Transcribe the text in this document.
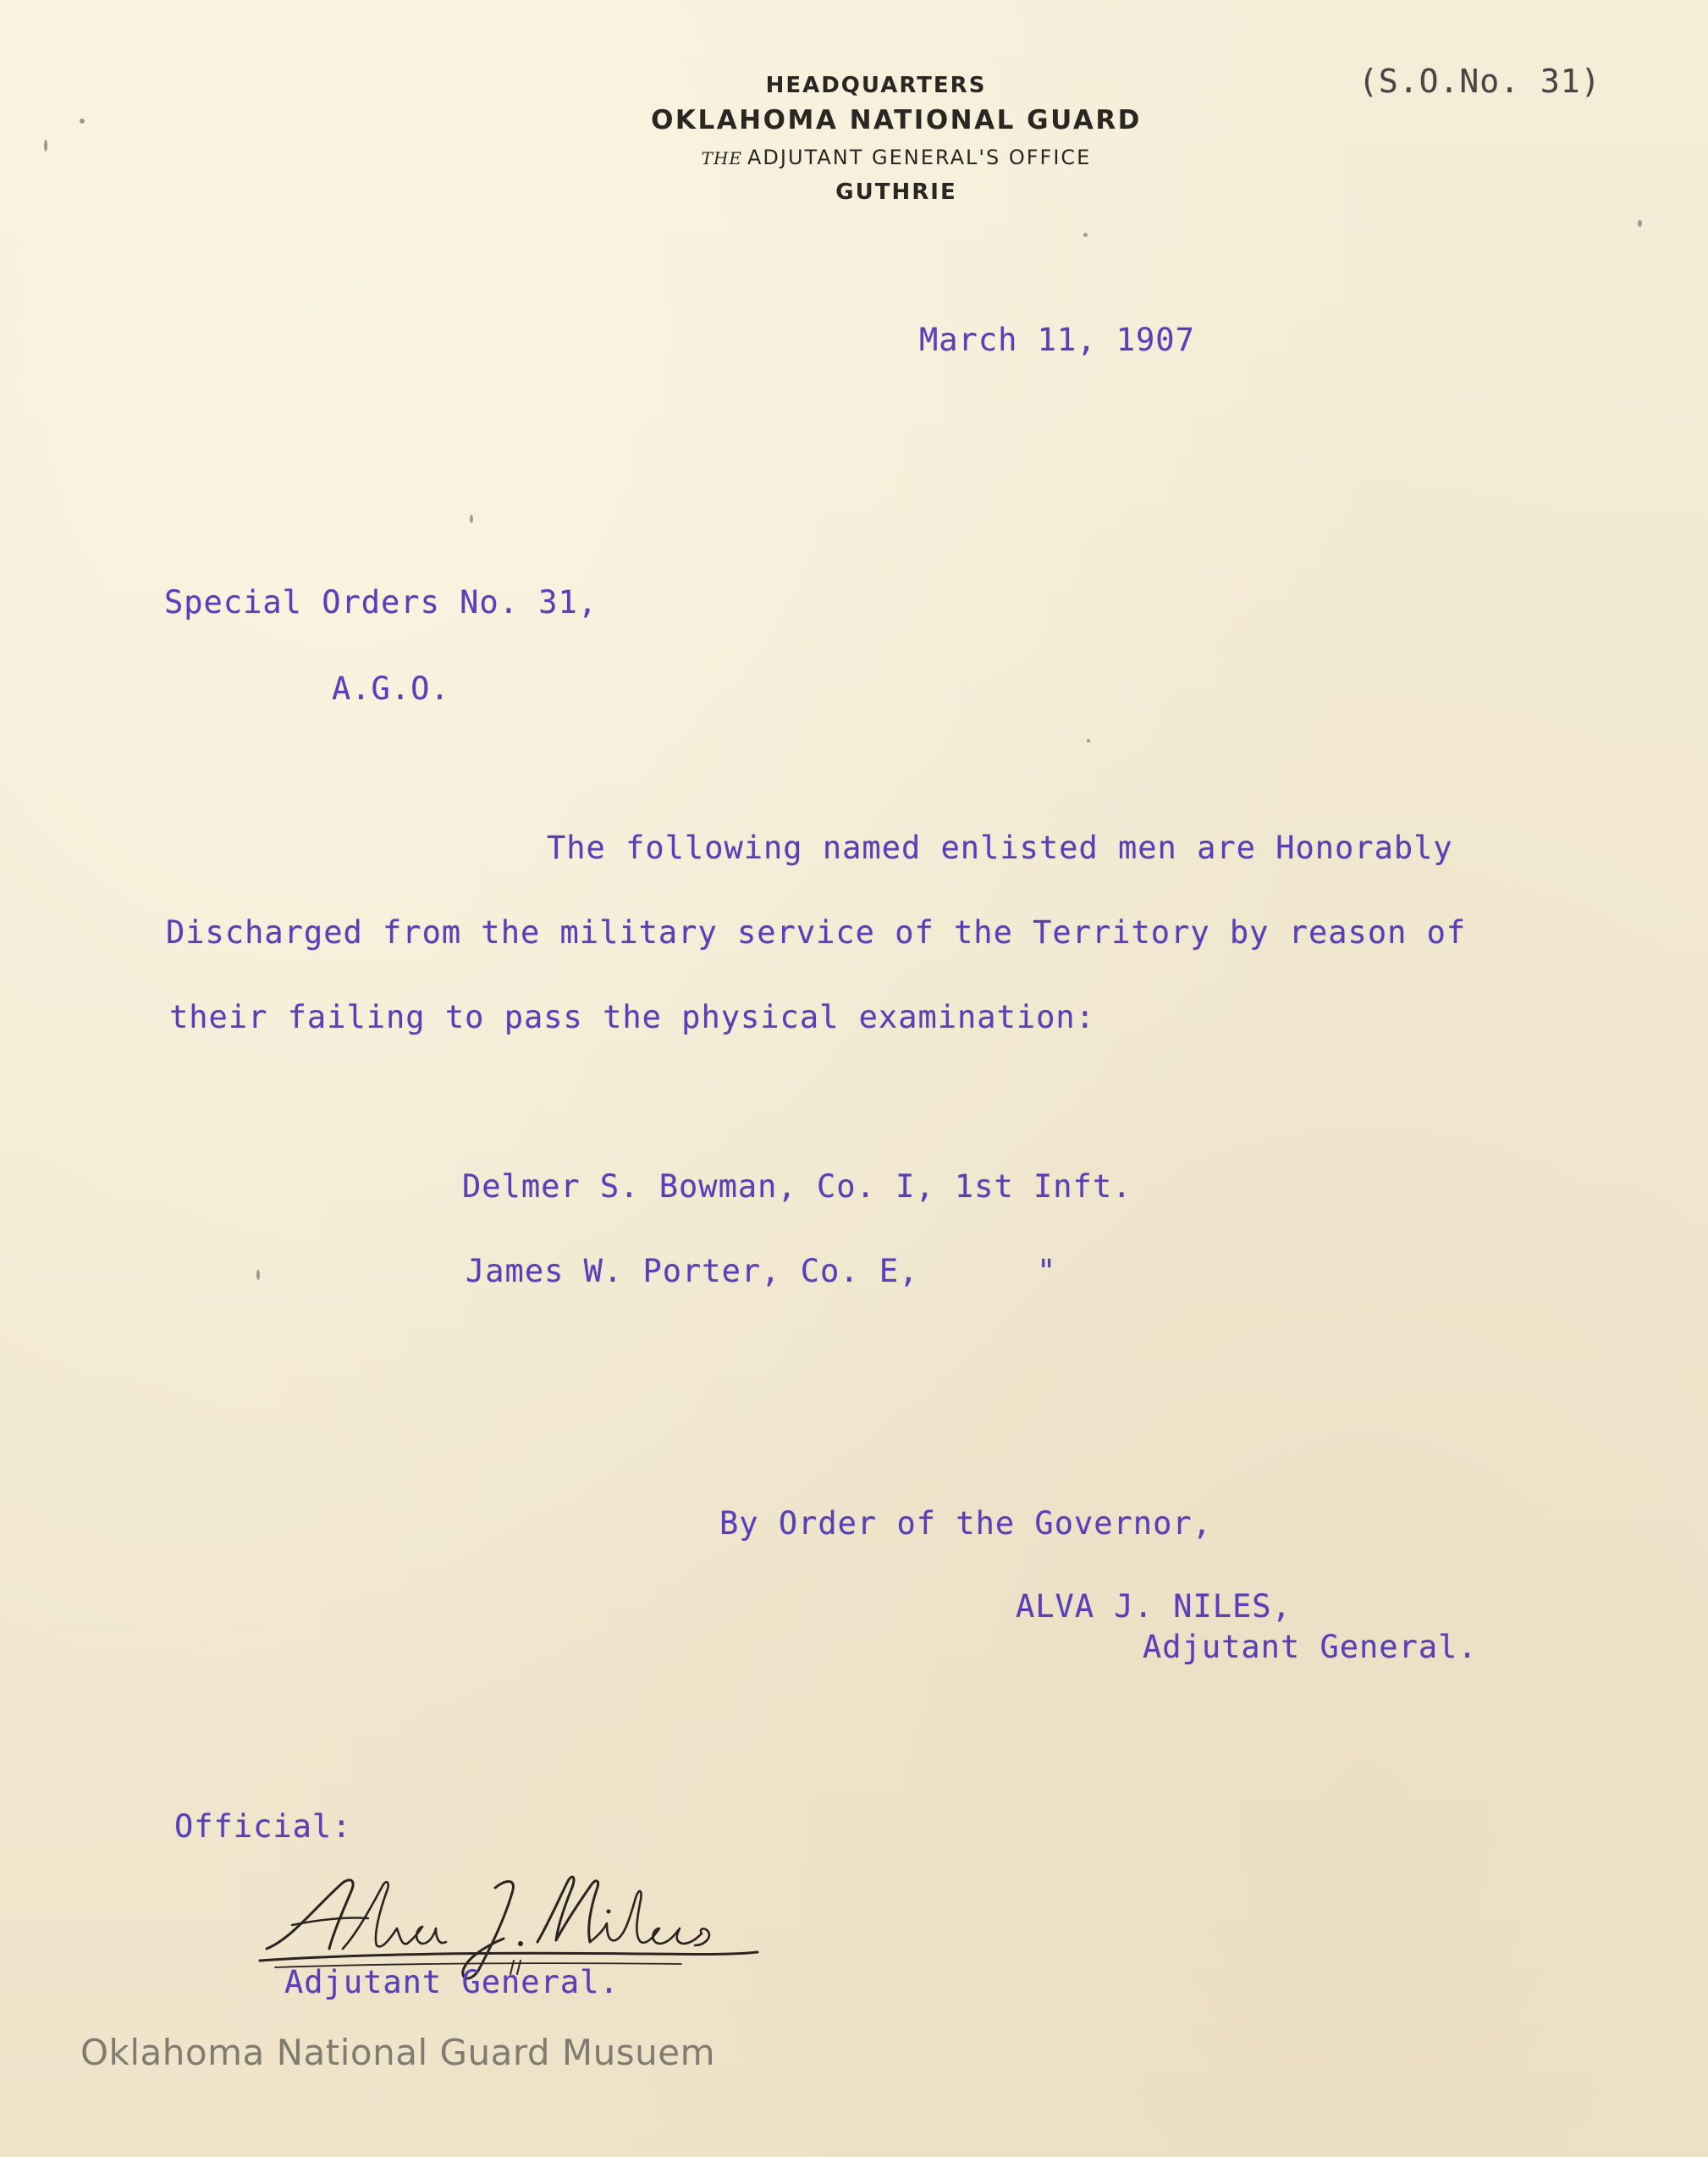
HEADQUARTERS
OKLAHOMA NATIONAL GUARD
THE ADJUTANT GENERAL'S OFFICE
GUTHRIE
(S.O.No. 31)
March 11, 1907
Special Orders No. 31,
A.G.O.
The following named enlisted men are Honorably
Discharged from the military service of the Territory by reason of
their failing to pass the physical examination:
Delmer S. Bowman, Co. I, 1st Inft.
James W. Porter, Co. E,      "
By Order of the Governor,
ALVA J. NILES,
Adjutant General.
Official:
Adjutant General.
Oklahoma National Guard Musuem
